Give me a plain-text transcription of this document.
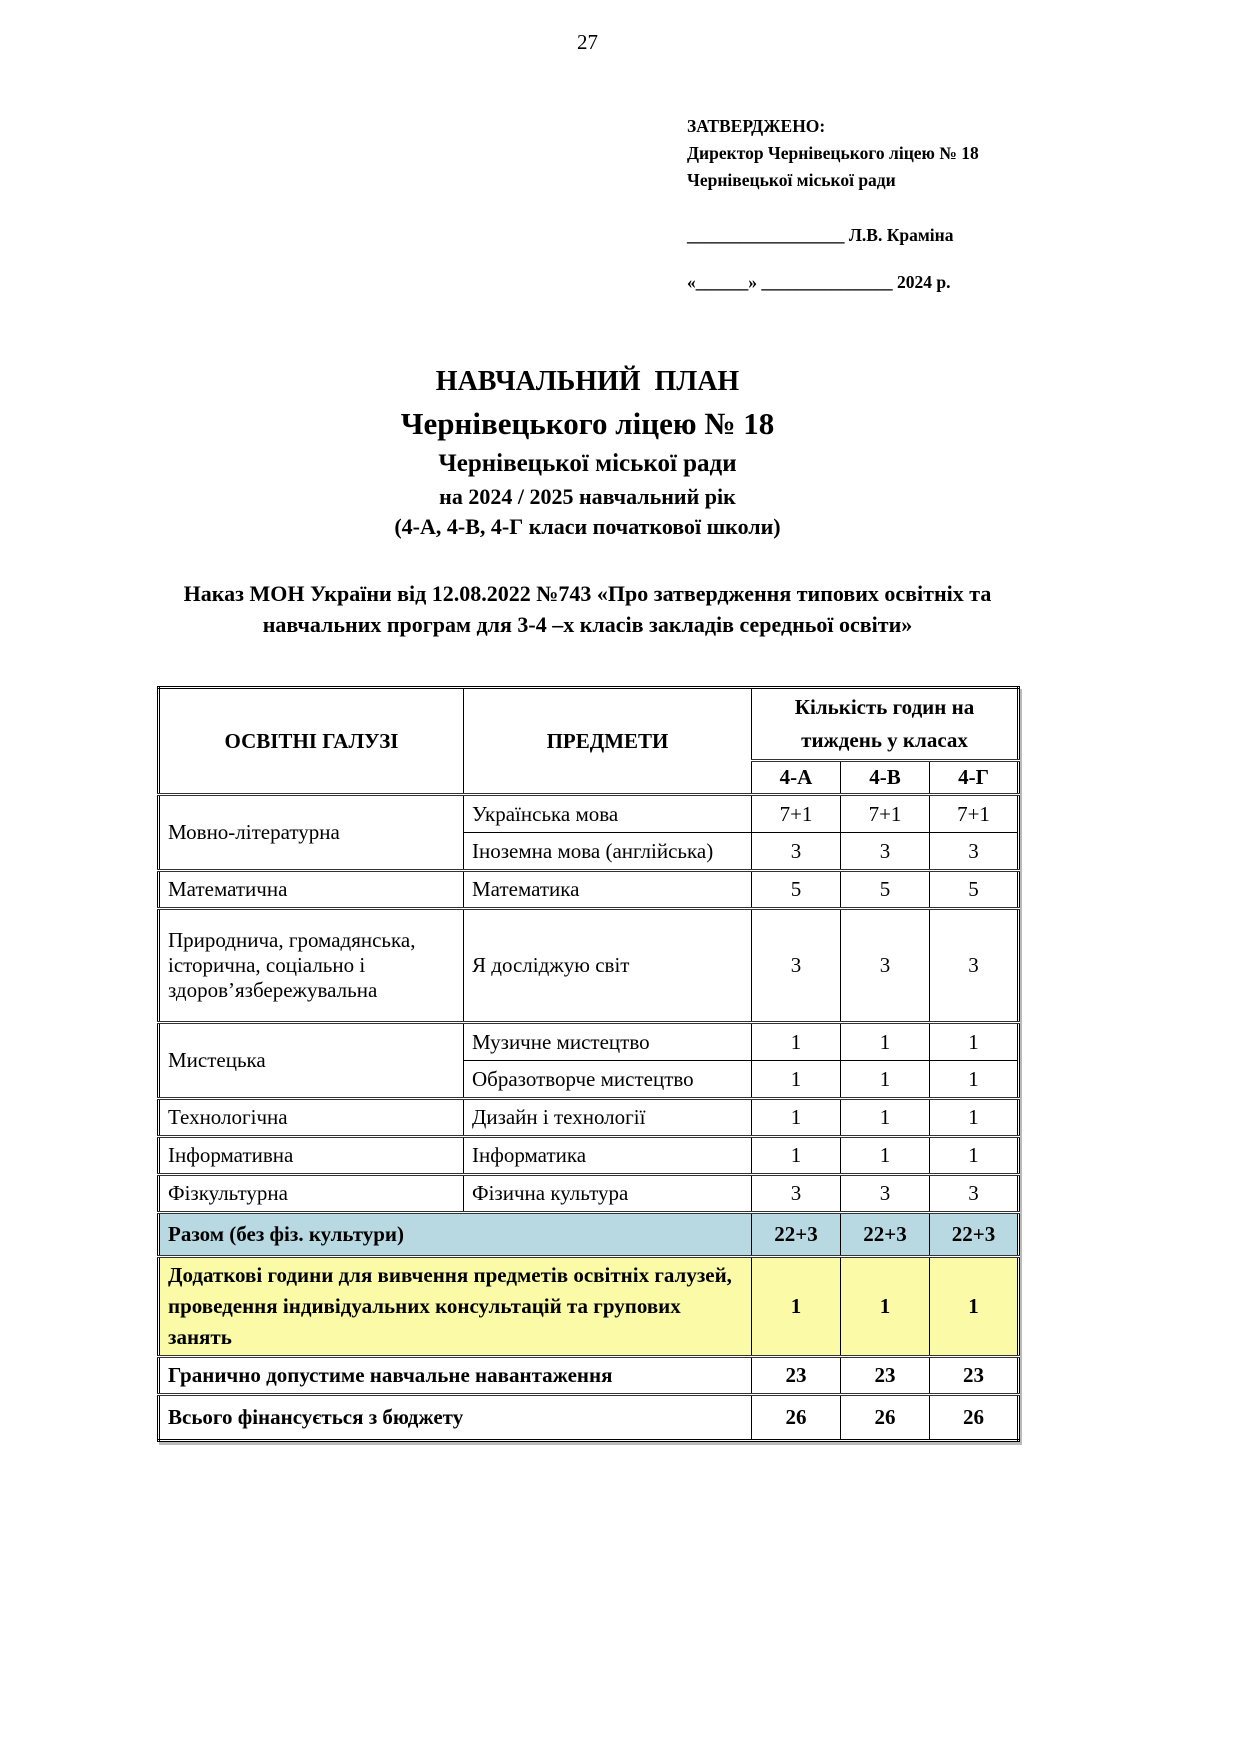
27
ЗАТВЕРДЖЕНО:
Директор Чернівецького ліцею № 18
Чернівецької міської ради
__________________ Л.В. Краміна
«______» _______________ 2024 р.
НАВЧАЛЬНИЙ  ПЛАН
Чернівецького ліцею № 18
Чернівецької міської ради
на 2024 / 2025 навчальний рік
(4-А, 4-В, 4-Г класи початкової школи)
Наказ МОН України від 12.08.2022 №743 «Про затвердження типових освітніх та навчальних програм для 3-4 –х класів закладів середньої освіти»
ОСВІТНІ ГАЛУЗІ	ПРЕДМЕТИ	Кількість годин на тиждень у класах		
		4-А	4-В	4-Г
Мовно-літературна	Українська мова	7+1	7+1	7+1
	Іноземна мова (англійська)	3	3	3
Математична	Математика	5	5	5
Природнича, громадянська, історична, соціально і здоров’язбережувальна	Я досліджую світ	3	3	3
Мистецька	Музичне мистецтво	1	1	1
	Образотворче мистецтво	1	1	1
Технологічна	Дизайн і технології	1	1	1
Інформативна	Інформатика	1	1	1
Фізкультурна	Фізична культура	3	3	3
Разом (без фіз. культури)		22+3	22+3	22+3
Додаткові години для вивчення предметів освітніх галузей, проведення індивідуальних консультацій та групових занять		1	1	1
Гранично допустиме навчальне навантаження		23	23	23
Всього фінансується з бюджету		26	26	26
